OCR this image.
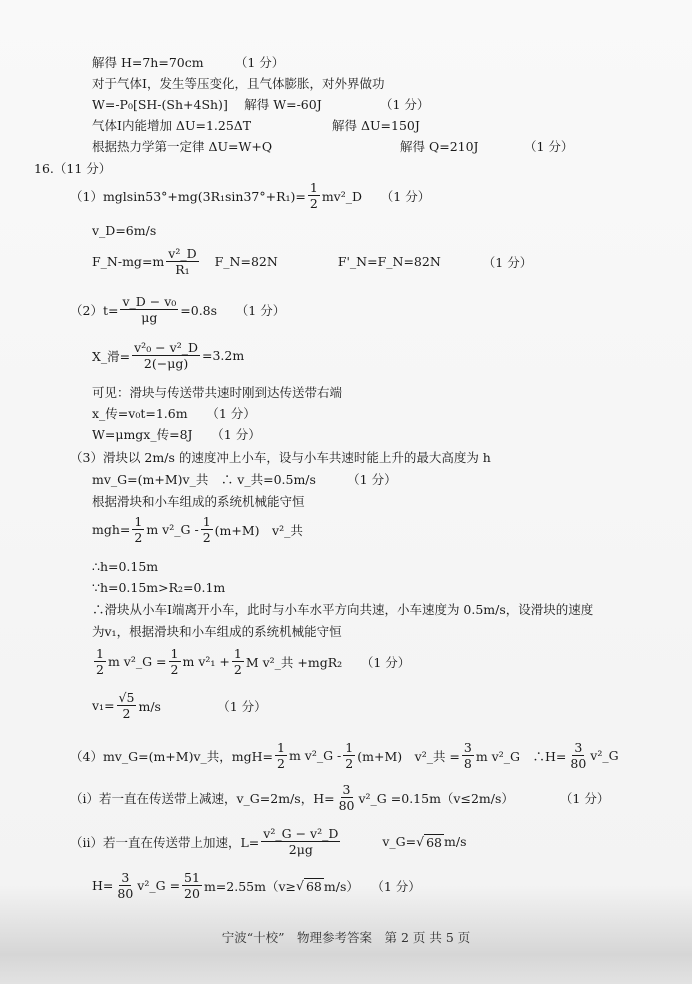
解得 H=7h=70cm　　　（1 分）
对于气体I，发生等压变化，且气体膨胀，对外界做功
W=-P₀[SH-(Sh+4Sh)]　 解得 W=-60J	（1 分）
气体I内能增加 ΔU=1.25ΔT	解得 ΔU=150J
根据热力学第一定律 ΔU=W+Q	解得 Q=210J	（1 分）
16.（11 分）
$(1)mglsin53^\circ+mg(3R_1\sin 37^\circ+R_1)= \frac{1}{2}$ mv²_D　　（1 分）
v_D=6m/s
F_N-mg=m $\frac{\text{v²\_D}}{\text{R₁}}$ F_N=82N	F'_N=F_N=82N	（1 分）
$(2)t= \frac{\text{v\_D − v₀}}{\mu g} =0.8s$　　（1 分）
X_滑= $\frac{\text{v²₀ − v²\_D}}{2(-\mu g)} =3.2m$
可见：滑块与传送带共速时刚到达传送带右端
x_传=v₀t=1.6m　　（1 分）
W=μmgx_传=8J　　（1 分）
（3）滑块以 2m/s 的速度冲上小车，设与小车共速时能上升的最大高度为 h
mv_G=(m+M)v_共　∴ v_共=0.5m/s　　　（1 分）
根据滑块和小车组成的系统机械能守恒
$mgh= \frac{1}{2}$ m v²_G - $\frac{1}{2} (m+M)$　v²_共
∴h=0.15m
∵h=0.15m>R₂=0.1m
∴滑块从小车I端离开小车，此时与小车水平方向共速，小车速度为 0.5m/s，设滑块的速度
为v₁，根据滑块和小车组成的系统机械能守恒
$\frac{1}{2}$ m v²_G = $\frac{1}{2}$ m $v^2_1 + \frac{1}{2}$ M v²_共 +mgR₂　　（1 分）
$v_1= \frac{√5}{2} m/s$　　　　　（1 分）
（4）mv_G=(m+M)v_共，$mgH= \frac{1}{2}$ m v²_G - $\frac{1}{2} (m+M)$　v²_共 = $\frac{3}{8}$ m v²_G　∴H= $\frac{3}{80}$ v²_G
（i）若一直在传送带上减速，v_G=2m/s，$H= \frac{3}{80}$ v²_G =0.15m（v≤2m/s）	（1 分）
（ii）若一直在传送带上加速，$L= \frac{\text{v²\_G − v²\_D}}{2\mu g}$	v_G= √ 68 m/s
$H= \frac{3}{80}$ v²_G = $\frac{51}{20} m=2.55m(v\ge$ √ 68 m/s）　　（1 分）
宁波“十校”　物理参考答案　第 2 页 共 5 页
